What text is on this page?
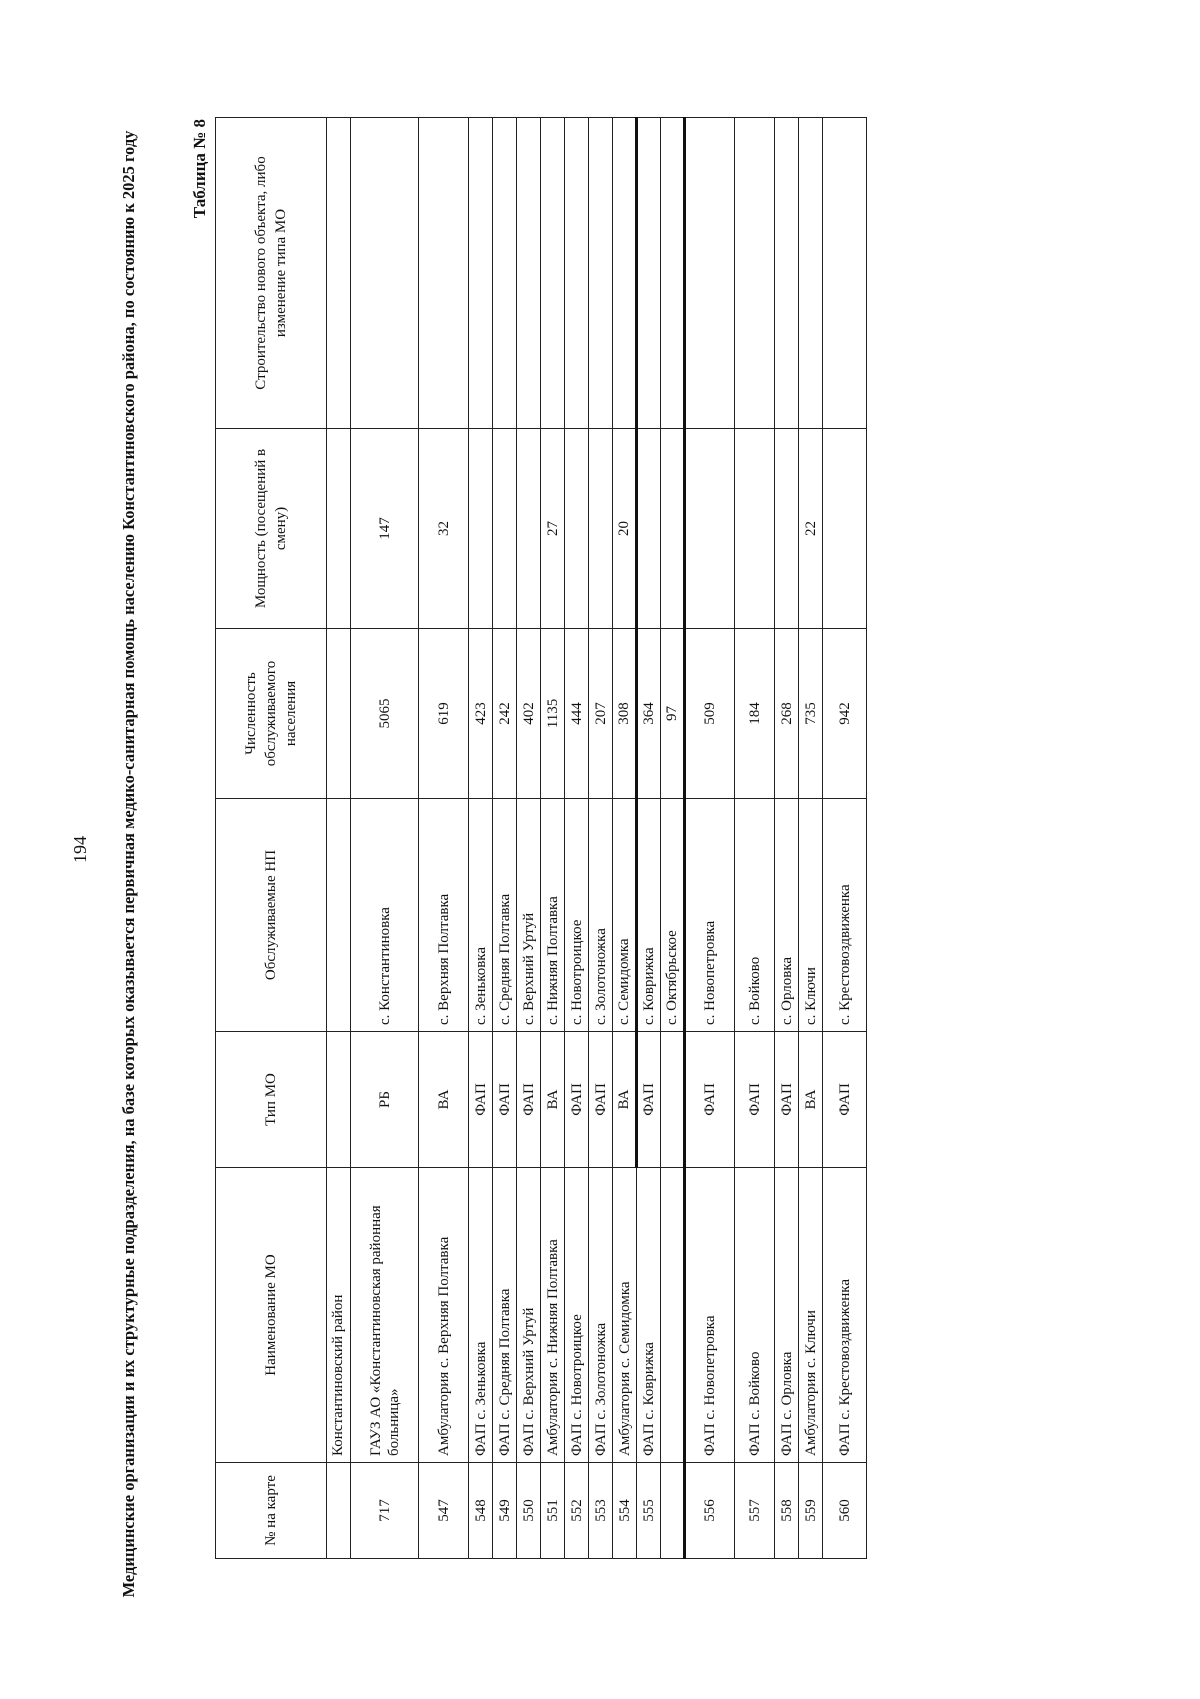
194 Медицинские организации и их структурные подразделения, на базе которых оказывается первичная медико-санитарная помощь населению Константиновского района, по состоянию к 2025 году	Таблица № 8
№ на карте	Наименование МО	Тип МО	Обслуживаемые НП	Численность обслуживаемого населения	Мощность (посещений в смену)	Строительство нового объекта, либо изменение типа МО
	Константиновский район					
717	ГАУЗ АО «Константиновская районная больница»	РБ	с. Константиновка	5065	147	
547	Амбулатория с. Верхняя Полтавка	ВА	с. Верхняя Полтавка	619	32	
548	ФАП с. Зеньковка	ФАП	с. Зеньковка	423		
549	ФАП с. Средняя Полтавка	ФАП	с. Средняя Полтавка	242		
550	ФАП с. Верхний Уртуй	ФАП	с. Верхний Уртуй	402		
551	Амбулатория с. Нижняя Полтавка	ВА	с. Нижняя Полтавка	1135	27	
552	ФАП с. Новотроицкое	ФАП	с. Новотроицкое	444		
553	ФАП с. Золотоножка	ФАП	с. Золотоножка	207		
554	Амбулатория с. Семидомка	ВА	с. Семидомка	308	20	
555	ФАП с. Коврижка	ФАП	с. Коврижка	364		
			с. Октябрьское	97		
556	ФАП с. Новопетровка	ФАП	с. Новопетровка	509		
557	ФАП с. Войково	ФАП	с. Войково	184		
558	ФАП с. Орловка	ФАП	с. Орловка	268		
559	Амбулатория с. Ключи	ВА	с. Ключи	735	22	
560	ФАП с. Крестовоздвиженка	ФАП	с. Крестовоздвиженка	942		
